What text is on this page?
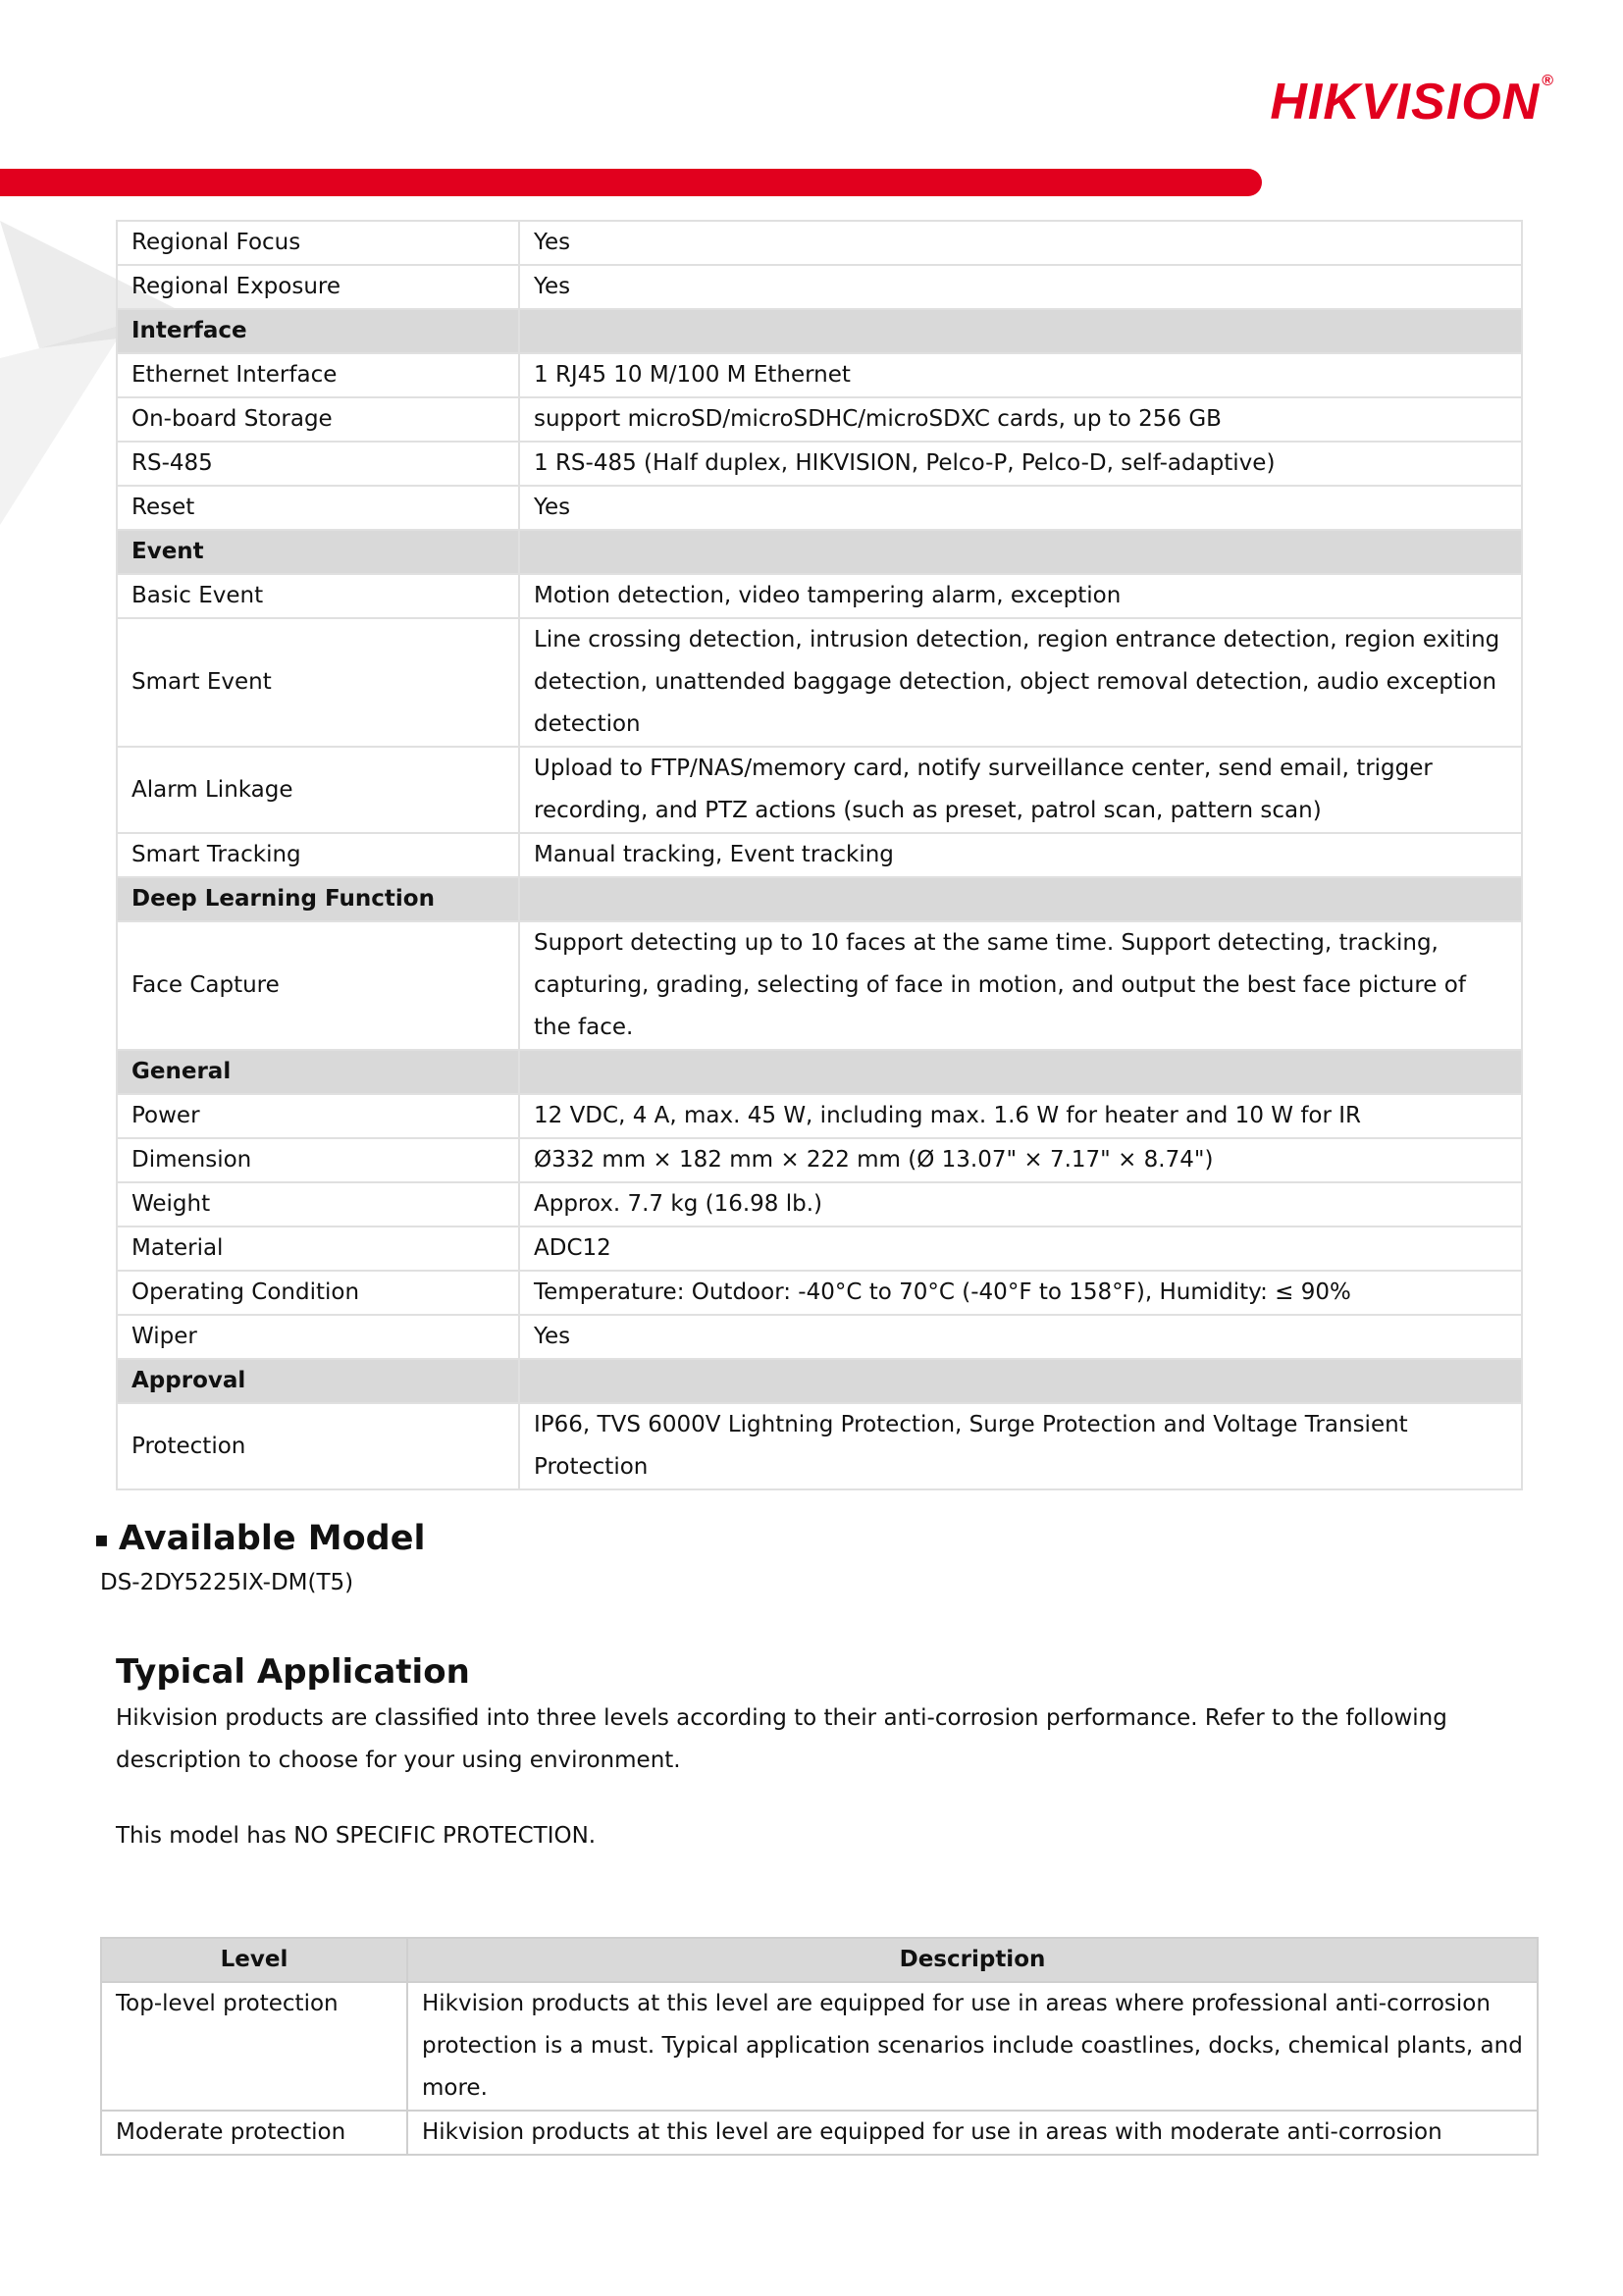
HIKVISION ®
Regional Focus	Yes
Regional Exposure	Yes
Interface	
Ethernet Interface	1 RJ45 10 M/100 M Ethernet
On-board Storage	support microSD/microSDHC/microSDXC cards, up to 256 GB
RS-485	1 RS-485 (Half duplex, HIKVISION, Pelco-P, Pelco-D, self-adaptive)
Reset	Yes
Event	
Basic Event	Motion detection, video tampering alarm, exception
Smart Event	Line crossing detection, intrusion detection, region entrance detection, region exiting detection, unattended baggage detection, object removal detection, audio exception detection
Alarm Linkage	Upload to FTP/NAS/memory card, notify surveillance center, send email, trigger recording, and PTZ actions (such as preset, patrol scan, pattern scan)
Smart Tracking	Manual tracking, Event tracking
Deep Learning Function	
Face Capture	Support detecting up to 10 faces at the same time. Support detecting, tracking, capturing, grading, selecting of face in motion, and output the best face picture of the face.
General	
Power	12 VDC, 4 A, max. 45 W, including max. 1.6 W for heater and 10 W for IR
Dimension	Ø332 mm × 182 mm × 222 mm (Ø 13.07" × 7.17" × 8.74")
Weight	Approx. 7.7 kg (16.98 lb.)
Material	ADC12
Operating Condition	Temperature: Outdoor: -40°C to 70°C (-40°F to 158°F), Humidity: ≤ 90%
Wiper	Yes
Approval	
Protection	IP66, TVS 6000V Lightning Protection, Surge Protection and Voltage Transient Protection
▪ Available Model
DS-2DY5225IX-DM(T5)
Typical Application
Hikvision products are classified into three levels according to their anti-corrosion performance. Refer to the following description to choose for your using environment.
This model has NO SPECIFIC PROTECTION.
Level	Description
Top-level protection	Hikvision products at this level are equipped for use in areas where professional anti-corrosion protection is a must. Typical application scenarios include coastlines, docks, chemical plants, and more.
Moderate protection	Hikvision products at this level are equipped for use in areas with moderate anti-corrosion
